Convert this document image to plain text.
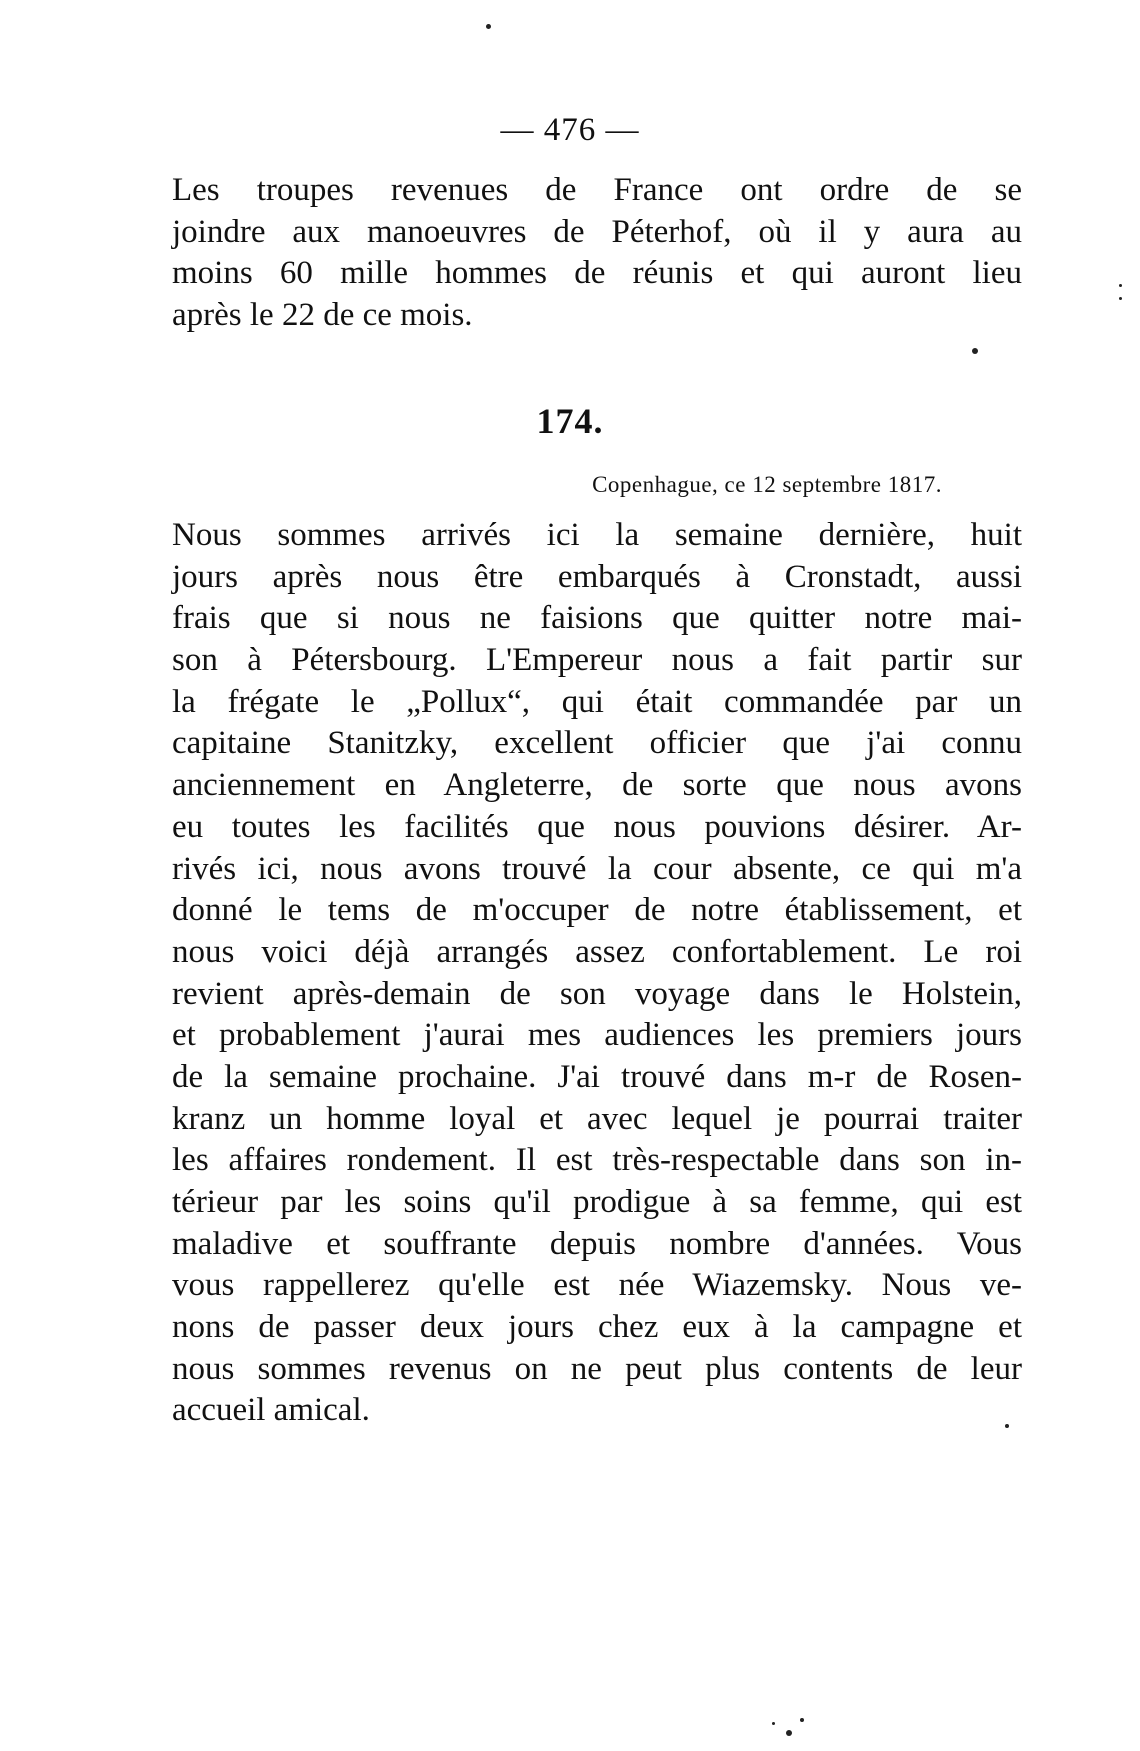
— 476 —
Les troupes revenues de France ont ordre de se
joindre aux manoeuvres de Péterhof, où il y aura au
moins 60 mille hommes de réunis et qui auront lieu
après le 22 de ce mois.
174.
Copenhague, ce 12 septembre 1817.
Nous sommes arrivés ici la semaine dernière, huit
jours après nous être embarqués à Cronstadt, aussi
frais que si nous ne faisions que quitter notre mai-
son à Pétersbourg. L'Empereur nous a fait partir sur
la frégate le „Pollux“, qui était commandée par un
capitaine Stanitzky, excellent officier que j'ai connu
anciennement en Angleterre, de sorte que nous avons
eu toutes les facilités que nous pouvions désirer. Ar-
rivés ici, nous avons trouvé la cour absente, ce qui m'a
donné le tems de m'occuper de notre établissement, et
nous voici déjà arrangés assez confortablement. Le roi
revient après-demain de son voyage dans le Holstein,
et probablement j'aurai mes audiences les premiers jours
de la semaine prochaine. J'ai trouvé dans m-r de Rosen-
kranz un homme loyal et avec lequel je pourrai traiter
les affaires rondement. Il est très-respectable dans son in-
térieur par les soins qu'il prodigue à sa femme, qui est
maladive et souffrante depuis nombre d'années. Vous
vous rappellerez qu'elle est née Wiazemsky. Nous ve-
nons de passer deux jours chez eux à la campagne et
nous sommes revenus on ne peut plus contents de leur
accueil amical.
